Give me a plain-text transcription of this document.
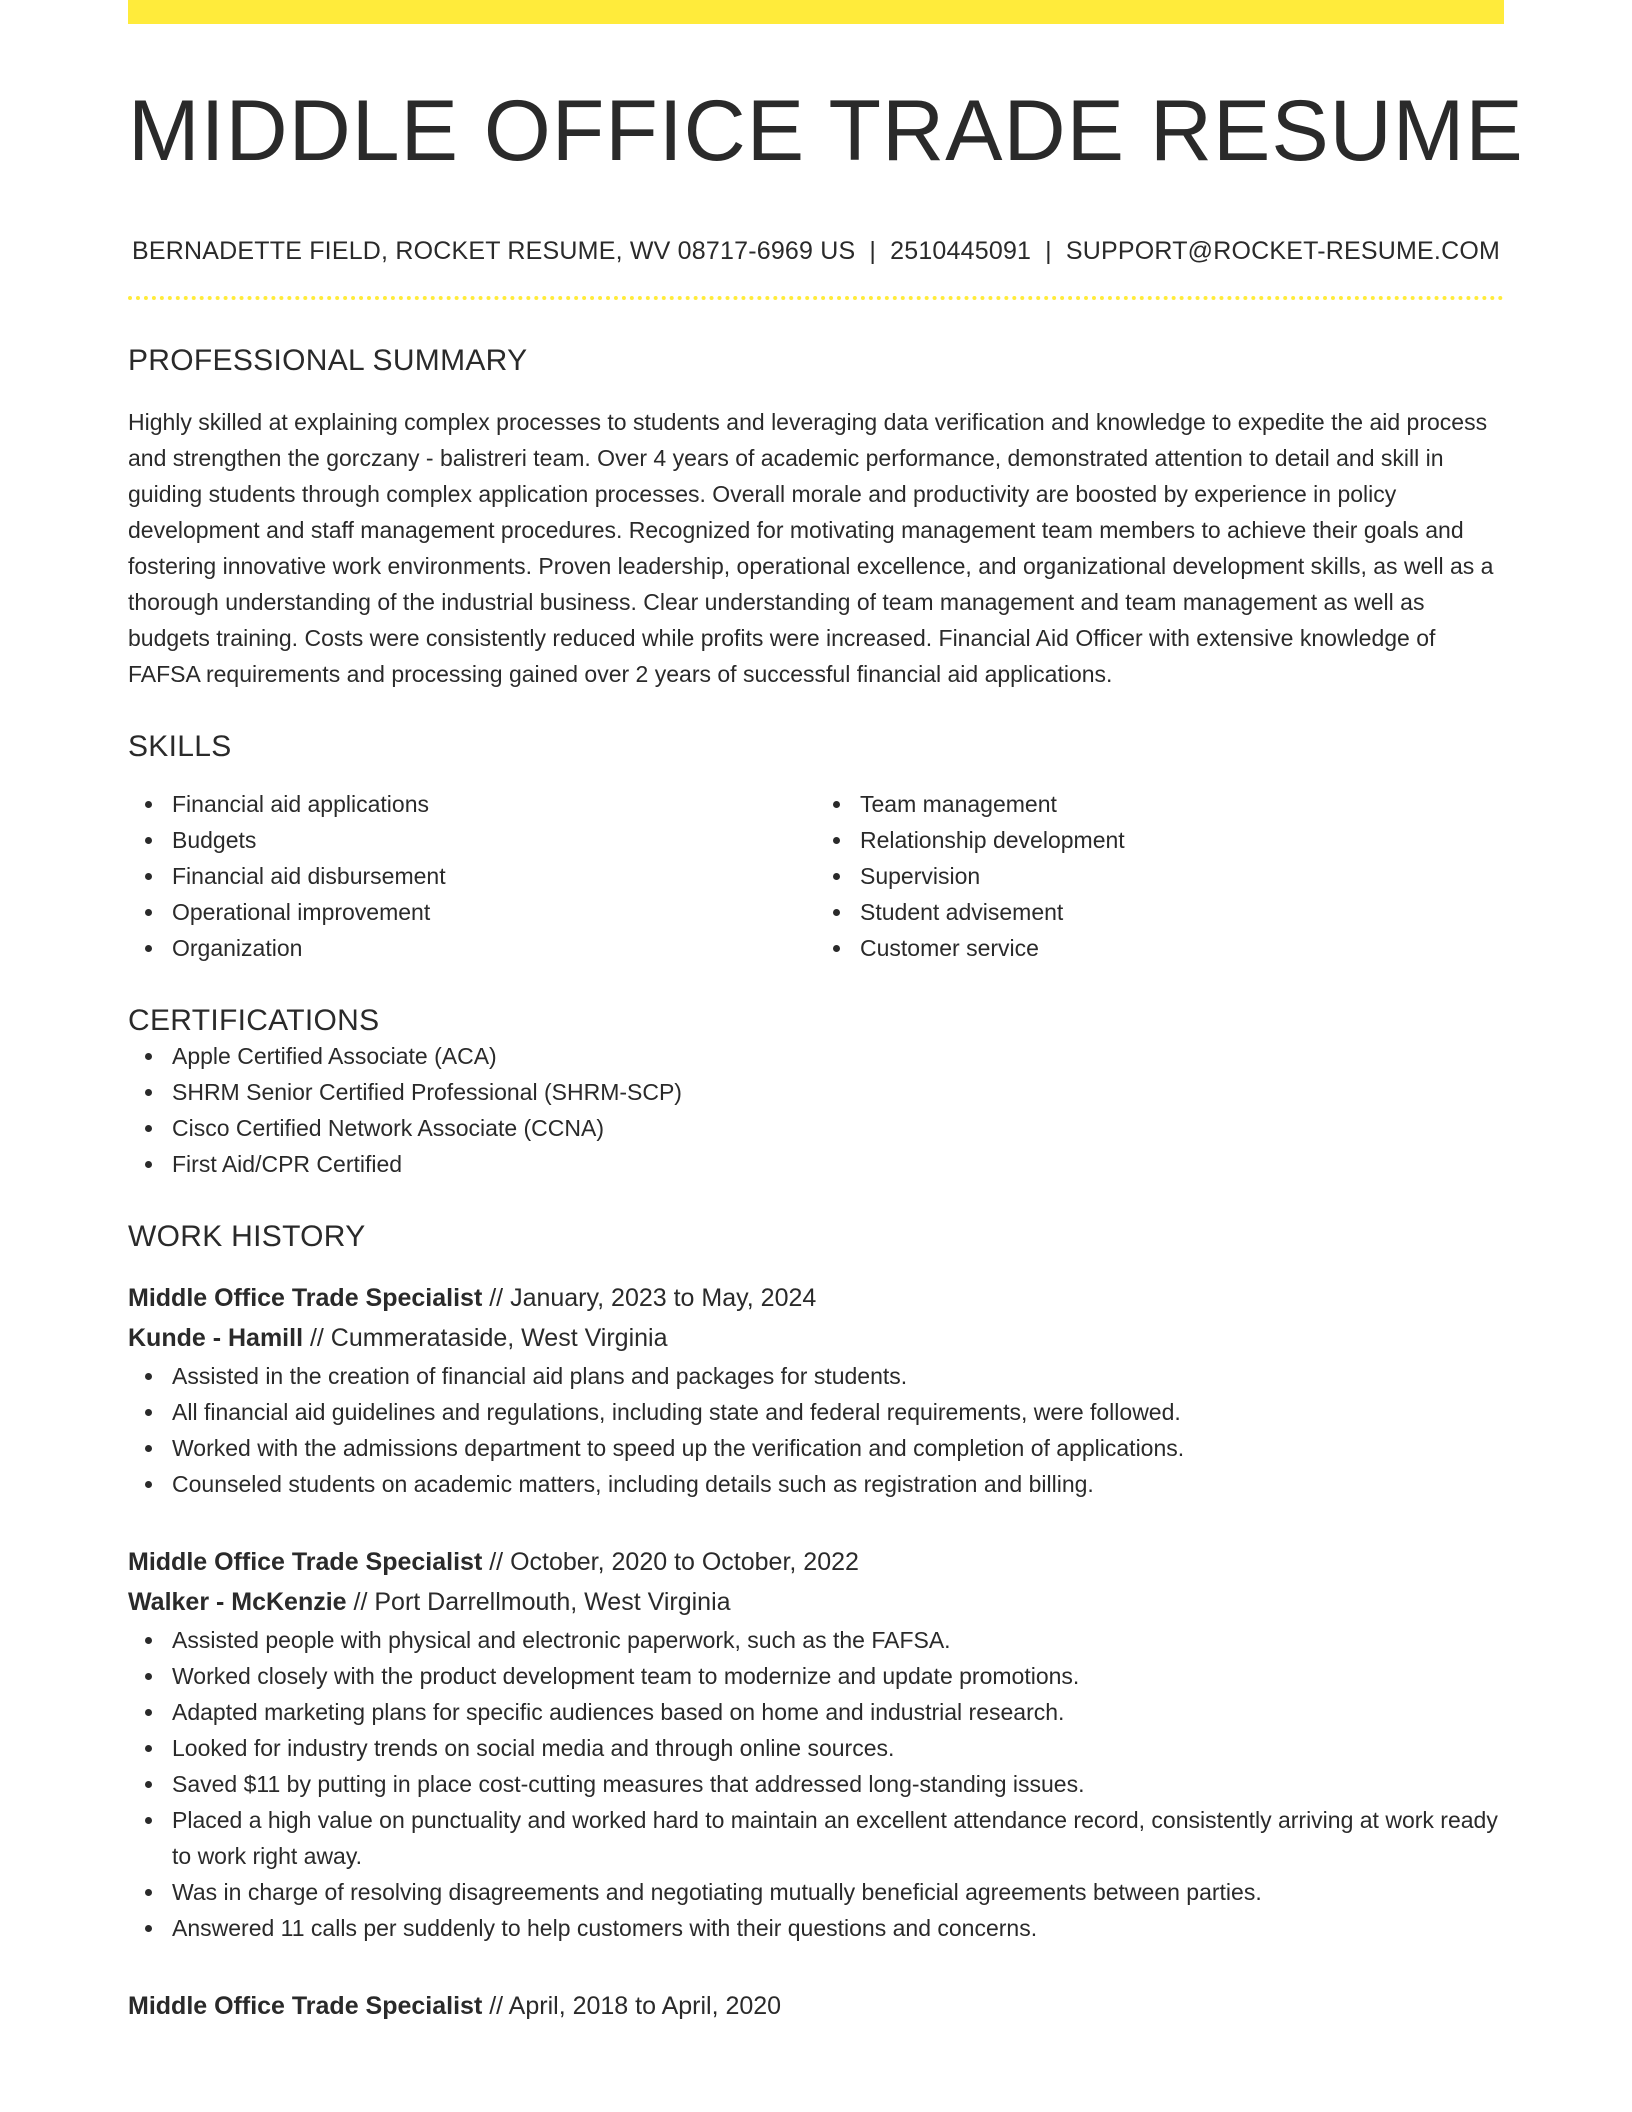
MIDDLE OFFICE TRADE RESUME
BERNADETTE FIELD, ROCKET RESUME, WV 08717-6969 US | 2510445091 | SUPPORT@ROCKET-RESUME.COM
PROFESSIONAL SUMMARY

Highly skilled at explaining complex processes to students and leveraging data verification and knowledge to expedite the aid process and strengthen the gorczany - balistreri team. Over 4 years of academic performance, demonstrated attention to detail and skill in guiding students through complex application processes. Overall morale and productivity are boosted by experience in policy development and staff management procedures. Recognized for motivating management team members to achieve their goals and fostering innovative work environments. Proven leadership, operational excellence, and organizational development skills, as well as a thorough understanding of the industrial business. Clear understanding of team management and team management as well as budgets training. Costs were consistently reduced while profits were increased. Financial Aid Officer with extensive knowledge of FAFSA requirements and processing gained over 2 years of successful financial aid applications.

SKILLS
Financial aid applications
Budgets
Financial aid disbursement
Operational improvement
Organization
Team management
Relationship development
Supervision
Student advisement
Customer service
CERTIFICATIONS
Apple Certified Associate (ACA)
SHRM Senior Certified Professional (SHRM-SCP)
Cisco Certified Network Associate (CCNA)
First Aid/CPR Certified
WORK HISTORY
Middle Office Trade Specialist // January, 2023 to May, 2024
Kunde - Hamill // Cummerataside, West Virginia
Assisted in the creation of financial aid plans and packages for students.
All financial aid guidelines and regulations, including state and federal requirements, were followed.
Worked with the admissions department to speed up the verification and completion of applications.
Counseled students on academic matters, including details such as registration and billing.
Middle Office Trade Specialist // October, 2020 to October, 2022
Walker - McKenzie // Port Darrellmouth, West Virginia
Assisted people with physical and electronic paperwork, such as the FAFSA.
Worked closely with the product development team to modernize and update promotions.
Adapted marketing plans for specific audiences based on home and industrial research.
Looked for industry trends on social media and through online sources.
Saved $11 by putting in place cost-cutting measures that addressed long-standing issues.
Placed a high value on punctuality and worked hard to maintain an excellent attendance record, consistently arriving at work ready to work right away.
Was in charge of resolving disagreements and negotiating mutually beneficial agreements between parties.
Answered 11 calls per suddenly to help customers with their questions and concerns.
Middle Office Trade Specialist // April, 2018 to April, 2020
